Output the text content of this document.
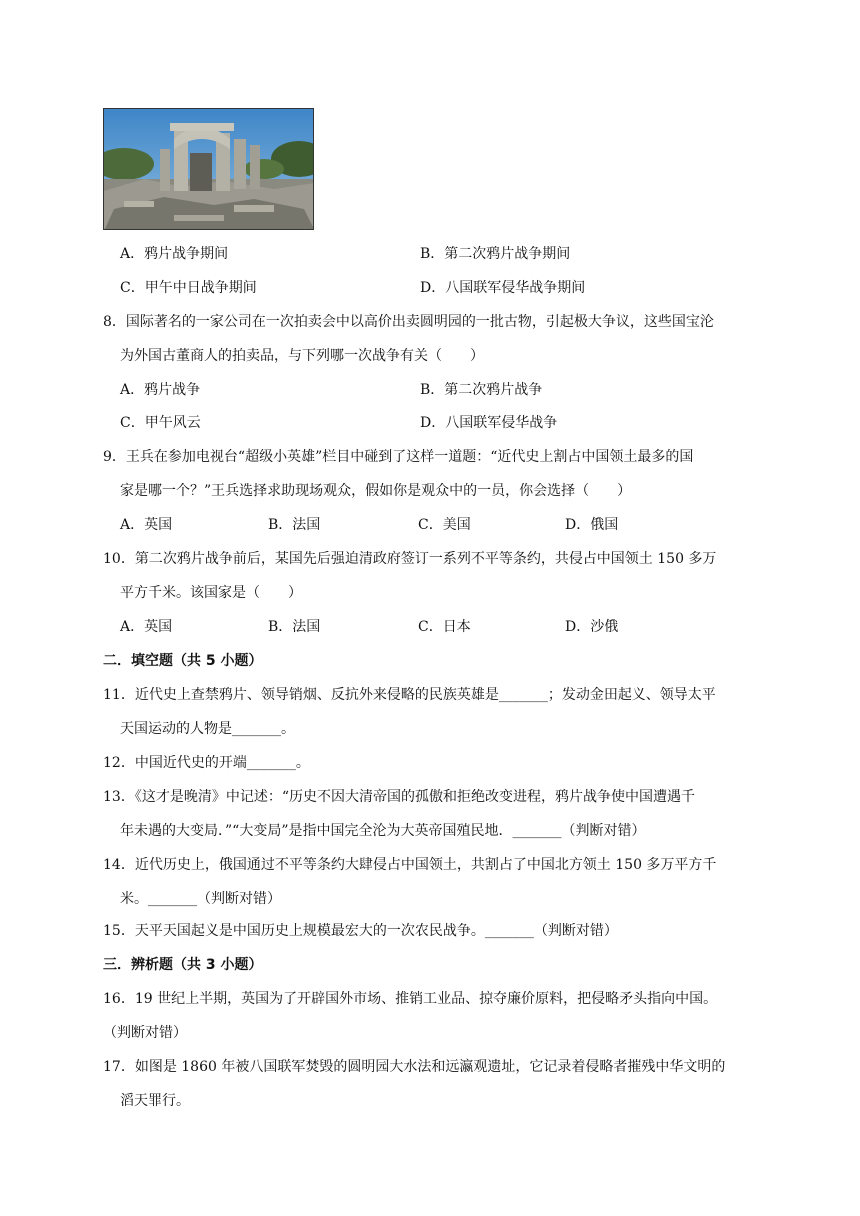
A．鸦片战争期间	B．第二次鸦片战争期间
C．甲午中日战争期间	D．八国联军侵华战争期间
8．国际著名的一家公司在一次拍卖会中以高价出卖圆明园的一批古物，引起极大争议，这些国宝沦
为外国古董商人的拍卖品，与下列哪一次战争有关（　　）
A．鸦片战争	B．第二次鸦片战争
C．甲午风云	D．八国联军侵华战争
9．王兵在参加电视台“超级小英雄”栏目中碰到了这样一道题：“近代史上割占中国领土最多的国
家是哪一个？”王兵选择求助现场观众，假如你是观众中的一员，你会选择（　　）
A．英国	B．法国	C．美国	D．俄国
10．第二次鸦片战争前后，某国先后强迫清政府签订一系列不平等条约，共侵占中国领土 150 多万
平方千米。该国家是（　　）
A．英国	B．法国	C．日本	D．沙俄
二．填空题（共 5 小题）
11．近代史上查禁鸦片、领导销烟、反抗外来侵略的民族英雄是_______；发动金田起义、领导太平
天国运动的人物是_______。
12．中国近代史的开端_______。
13．《这才是晚清》中记述：“历史不因大清帝国的孤傲和拒绝改变进程，鸦片战争使中国遭遇千
年未遇的大变局．”“大变局”是指中国完全沦为大英帝国殖民地．_______（判断对错）
14．近代历史上，俄国通过不平等条约大肆侵占中国领土，共割占了中国北方领土 150 多万平方千
米。_______（判断对错）
15．天平天国起义是中国历史上规模最宏大的一次农民战争。_______（判断对错）
三．辨析题（共 3 小题）
16．19 世纪上半期，英国为了开辟国外市场、推销工业品、掠夺廉价原料，把侵略矛头指向中国。
（判断对错）
17．如图是 1860 年被八国联军焚毁的圆明园大水法和远瀛观遗址，它记录着侵略者摧残中华文明的
滔天罪行。
